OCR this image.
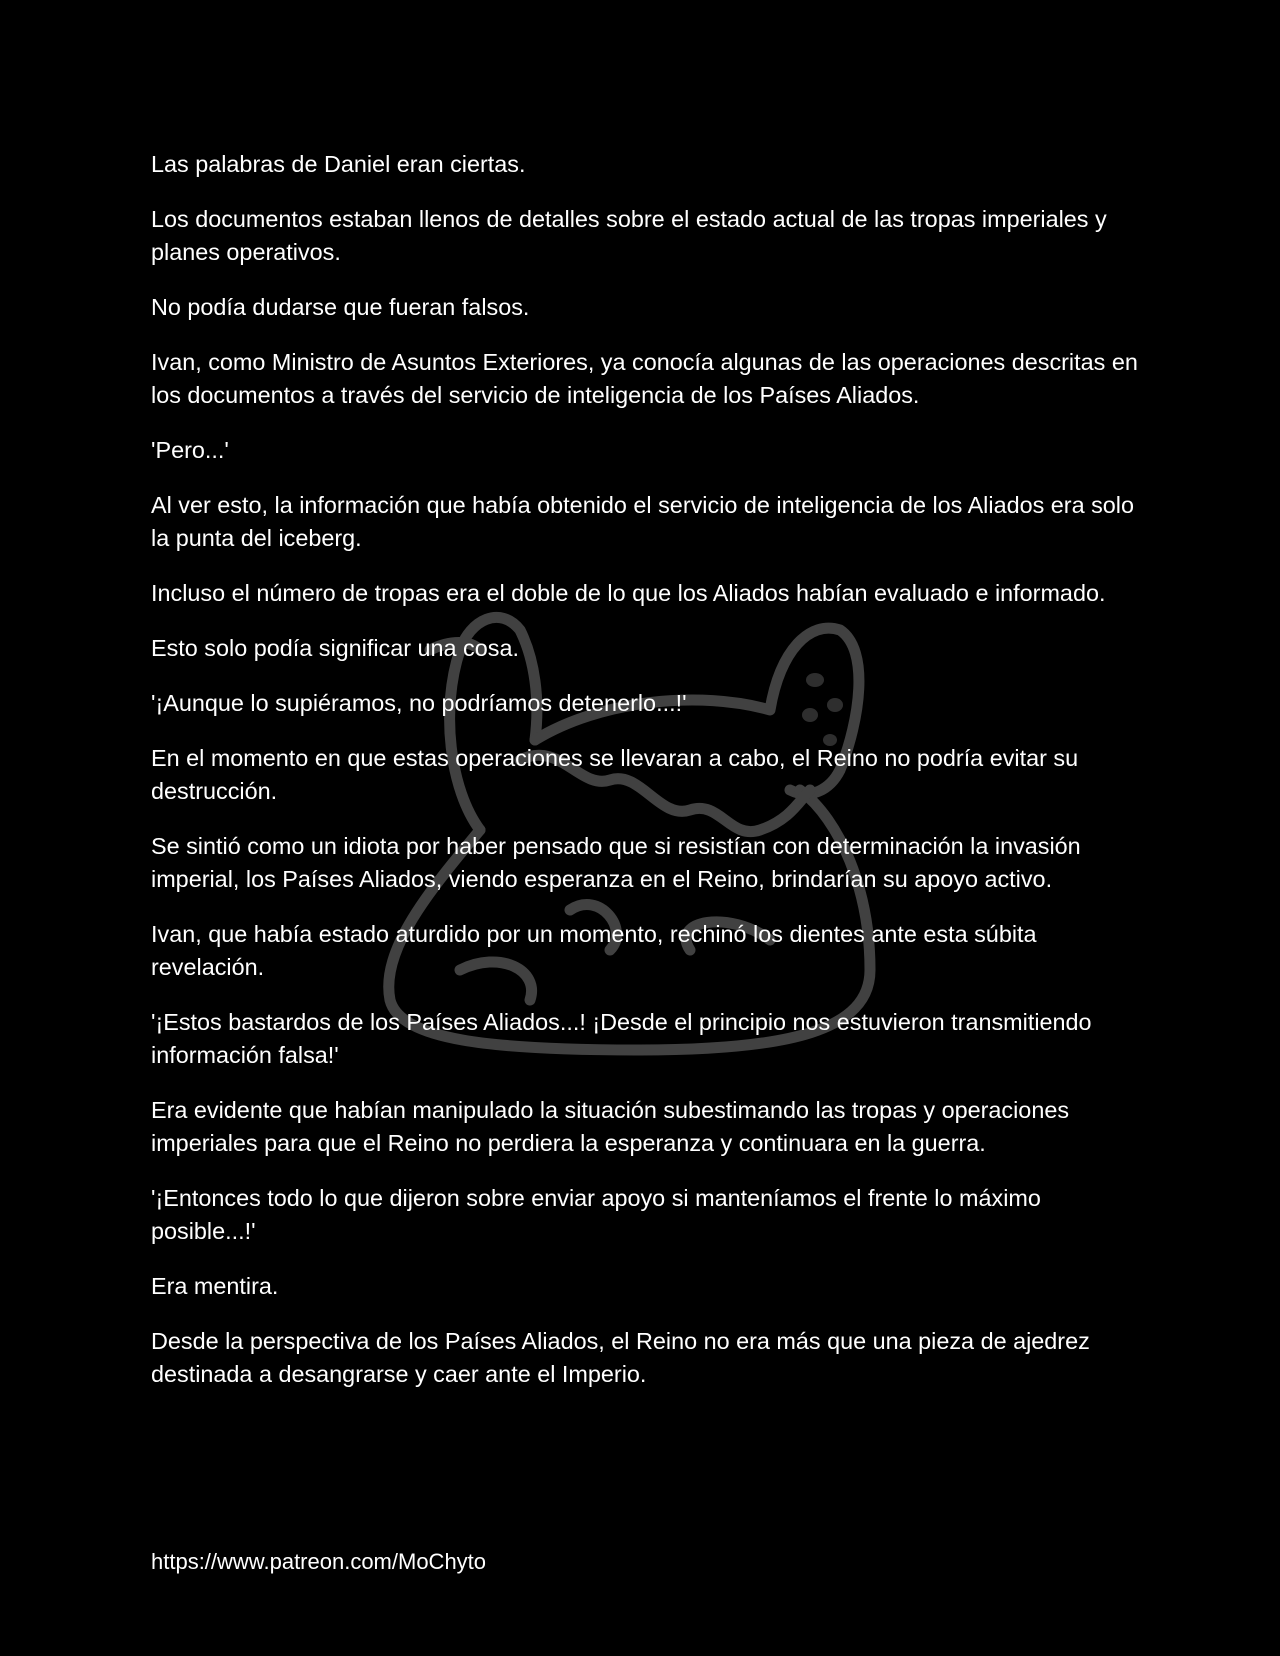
Las palabras de Daniel eran ciertas.

Los documentos estaban llenos de detalles sobre el estado actual de las tropas imperiales y planes operativos.

No podía dudarse que fueran falsos.

Ivan, como Ministro de Asuntos Exteriores, ya conocía algunas de las operaciones descritas en los documentos a través del servicio de inteligencia de los Países Aliados.

'Pero...'

Al ver esto, la información que había obtenido el servicio de inteligencia de los Aliados era solo la punta del iceberg.

Incluso el número de tropas era el doble de lo que los Aliados habían evaluado e informado.

Esto solo podía significar una cosa.

'¡Aunque lo supiéramos, no podríamos detenerlo...!'

En el momento en que estas operaciones se llevaran a cabo, el Reino no podría evitar su destrucción.

Se sintió como un idiota por haber pensado que si resistían con determinación la invasión imperial, los Países Aliados, viendo esperanza en el Reino, brindarían su apoyo activo.

Ivan, que había estado aturdido por un momento, rechinó los dientes ante esta súbita revelación.

'¡Estos bastardos de los Países Aliados...! ¡Desde el principio nos estuvieron transmitiendo información falsa!'

Era evidente que habían manipulado la situación subestimando las tropas y operaciones imperiales para que el Reino no perdiera la esperanza y continuara en la guerra.

'¡Entonces todo lo que dijeron sobre enviar apoyo si manteníamos el frente lo máximo posible...!'

Era mentira.

Desde la perspectiva de los Países Aliados, el Reino no era más que una pieza de ajedrez destinada a desangrarse y caer ante el Imperio.

https://www.patreon.com/MoChyto
